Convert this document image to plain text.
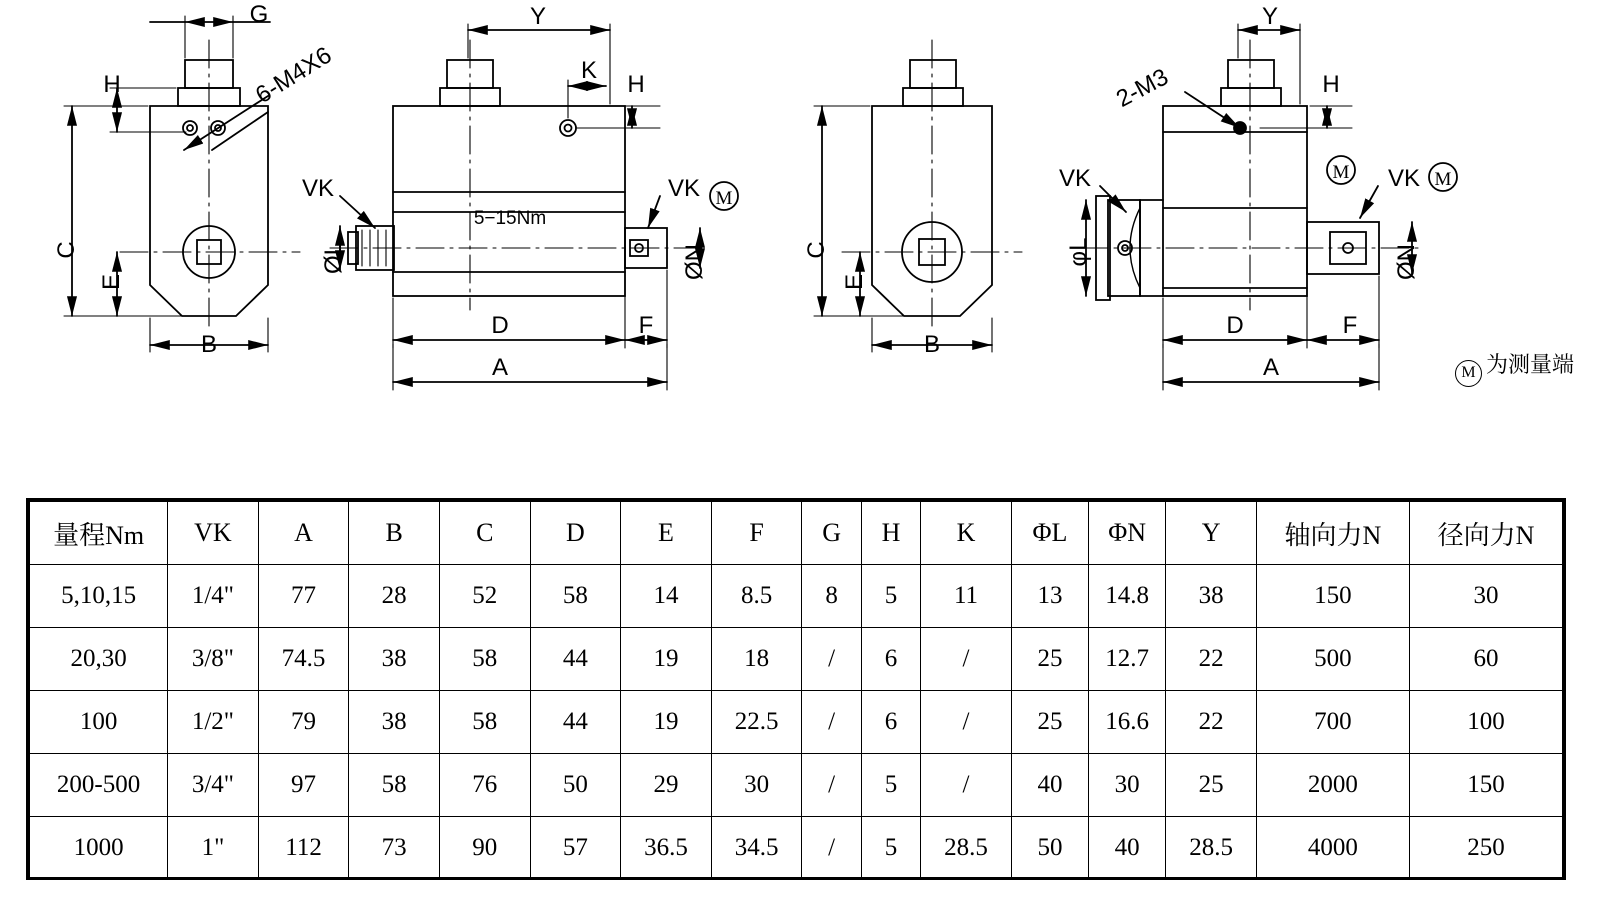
G
H
C
E
B
6-M4X6
Y
K
H
VK	VK M
ØL	ØN
5−15Nm
D	F
A
C
E
B
Y
H
2-M3
VK	VK
M	M
φL	ØN
D	F
A	M 为测量端
量程Nm	VK	A	B	C	D	E	F	G	H	K	ΦL	ΦN	Y	轴向力N	径向力N
5,10,15	1/4"	77	28	52	58	14	8.5	8	5	11	13	14.8	38	150	30
20,30	3/8"	74.5	38	58	44	19	18	/	6	/	25	12.7	22	500	60
100	1/2"	79	38	58	44	19	22.5	/	6	/	25	16.6	22	700	100
200-500	3/4"	97	58	76	50	29	30	/	5	/	40	30	25	2000	150
1000	1"	112	73	90	57	36.5	34.5	/	5	28.5	50	40	28.5	4000	250
